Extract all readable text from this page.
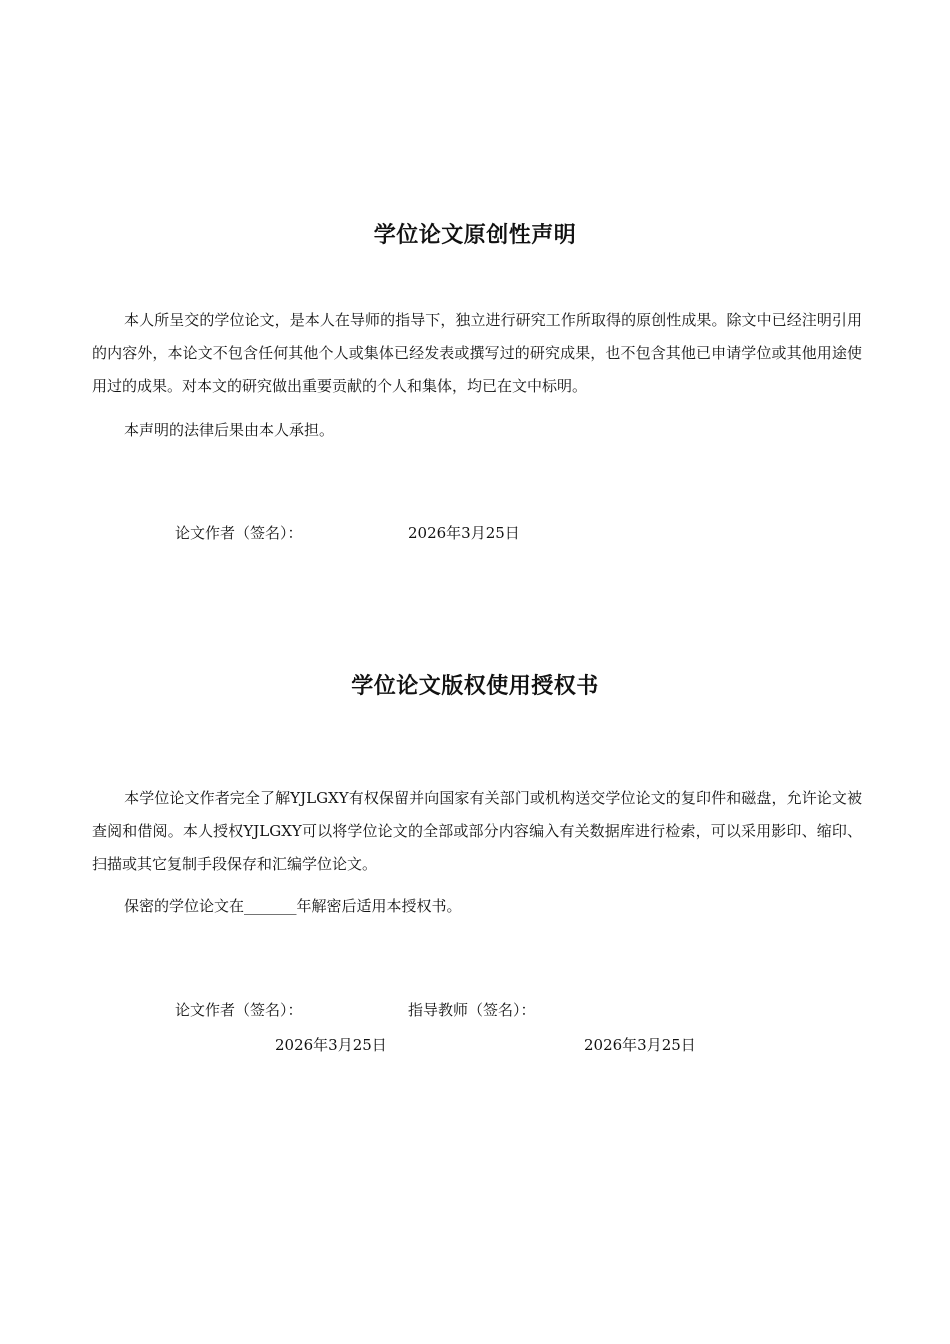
学位论文原创性声明
本人所呈交的学位论文，是本人在导师的指导下，独立进行研究工作所取得的原创性成果。除文中已经注明引用的内容外，本论文不包含任何其他个人或集体已经发表或撰写过的研究成果，也不包含其他已申请学位或其他用途使用过的成果。对本文的研究做出重要贡献的个人和集体，均已在文中标明。
本声明的法律后果由本人承担。
论文作者（签名）：	2026年3月25日
学位论文版权使用授权书
本学位论文作者完全了解YJLGXY有权保留并向国家有关部门或机构送交学位论文的复印件和磁盘，允许论文被查阅和借阅。本人授权YJLGXY可以将学位论文的全部或部分内容编入有关数据库进行检索，可以采用影印、缩印、扫描或其它复制手段保存和汇编学位论文。
保密的学位论文在_______年解密后适用本授权书。
论文作者（签名）：	指导教师（签名）：
2026年3月25日	2026年3月25日
